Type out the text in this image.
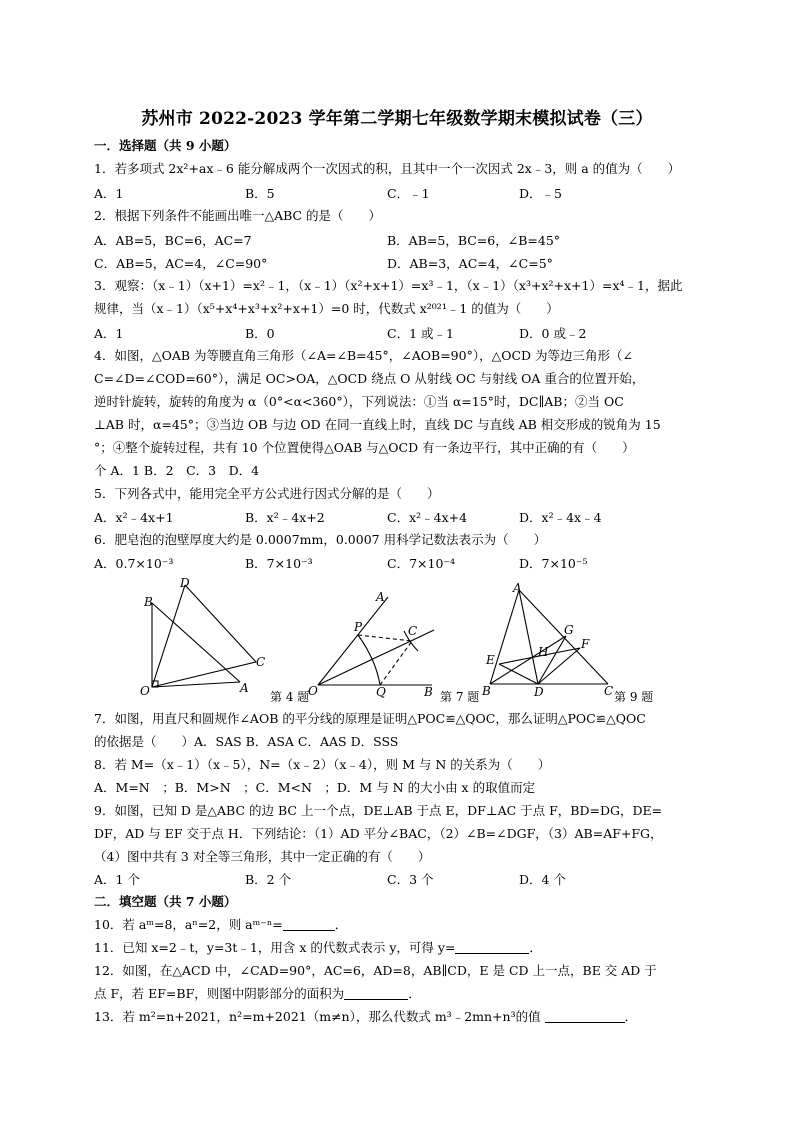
苏州市 2022-2023 学年第二学期七年级数学期末模拟试卷（三）
一．选择题（共 9 小题）
1．若多项式 2x²+ax﹣6 能分解成两个一次因式的积，且其中一个一次因式 2x﹣3，则 a 的值为（　　）
A．1	B．5	C．﹣1	D．﹣5
2．根据下列条件不能画出唯一△ABC 的是（　　）
A．AB=5，BC=6，AC=7	B．AB=5，BC=6，∠B=45°
C．AB=5，AC=4，∠C=90°	D．AB=3，AC=4，∠C=5°
3．观察：（x﹣1）（x+1）=x²﹣1，（x﹣1）（x²+x+1）=x³﹣1，（x﹣1）（x³+x²+x+1）=x⁴﹣1，据此
规律，当（x﹣1）（x⁵+x⁴+x³+x²+x+1）=0 时，代数式 x²⁰²¹﹣1 的值为（　　）
A．1	B．0	C．1 或﹣1	D．0 或﹣2
4．如图，△OAB 为等腰直角三角形（∠A=∠B=45°，∠AOB=90°），△OCD 为等边三角形（∠
C=∠D=∠COD=60°），满足 OC>OA，△OCD 绕点 O 从射线 OC 与射线 OA 重合的位置开始，
逆时针旋转，旋转的角度为 α（0°<α<360°），下列说法：①当 α=15°时，DC∥AB；②当 OC
⊥AB 时，α=45°；③当边 OB 与边 OD 在同一直线上时，直线 DC 与直线 AB 相交形成的锐角为 15
°；④整个旋转过程，共有 10 个位置使得△OAB 与△OCD 有一条边平行，其中正确的有（　　）
个 A．1 B．2　C．3　D．4
5．下列各式中，能用完全平方公式进行因式分解的是（　　）
A．x²﹣4x+1	B．x²﹣4x+2	C．x²﹣4x+4	D．x²﹣4x﹣4
6．肥皂泡的泡壁厚度大约是 0.0007mm，0.0007 用科学记数法表示为（　　）
A．0.7×10⁻³	B．7×10⁻³	C．7×10⁻⁴	D．7×10⁻⁵
D
B
C
O	A
第 4 题
A
P	C
O	Q	B 第 7 题
A
G
F
E
H
B	D	C 第 9 题
7．如图，用直尺和圆规作∠AOB 的平分线的原理是证明△POC≌△QOC，那么证明△POC≌△QOC
的依据是（　　）A．SAS B．ASA C．AAS D．SSS
8．若 M=（x﹣1）（x﹣5），N=（x﹣2）（x﹣4），则 M 与 N 的关系为（　　）
A．M=N　；B．M>N　；C．M<N　；D．M 与 N 的大小由 x 的取值而定
9．如图，已知 D 是△ABC 的边 BC 上一个点，DE⊥AB 于点 E，DF⊥AC 于点 F，BD=DG，DE=
DF，AD 与 EF 交于点 H．下列结论：（1）AD 平分∠BAC，（2）∠B=∠DGF，（3）AB=AF+FG，
（4）图中共有 3 对全等三角形，其中一定正确的有（　　）
A．1 个	B．2 个	C．3 个	D．4 个
二．填空题（共 7 小题）
10．若 aᵐ=8，aⁿ=2，则 aᵐ⁻ⁿ=	．
11．已知 x=2﹣t，y=3t﹣1，用含 x 的代数式表示 y，可得 y=	．
12．如图，在△ACD 中，∠CAD=90°，AC=6，AD=8，AB∥CD，E 是 CD 上一点，BE 交 AD 于
点 F，若 EF=BF，则图中阴影部分的面积为	．
13．若 m²=n+2021，n²=m+2021（m≠n），那么代数式 m³﹣2mn+n³的值	．
